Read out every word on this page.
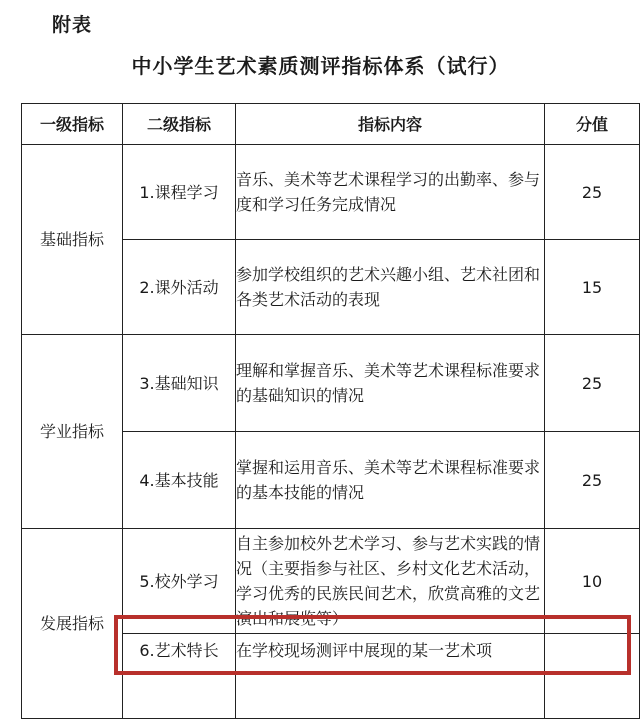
附表
中小学生艺术素质测评指标体系（试行）
一级指标	二级指标	指标内容	分值
基础指标	1.课程学习	音乐、美术等艺术课程学习的出勤率、参与度和学习任务完成情况	25
	2.课外活动	参加学校组织的艺术兴趣小组、艺术社团和各类艺术活动的表现	15
学业指标	3.基础知识	理解和掌握音乐、美术等艺术课程标准要求的基础知识的情况	25
	4.基本技能	掌握和运用音乐、美术等艺术课程标准要求的基本技能的情况	25
发展指标	5.校外学习	自主参加校外艺术学习、参与艺术实践的情况（主要指参与社区、乡村文化艺术活动，学习优秀的民族民间艺术，欣赏高雅的文艺演出和展览等）	10
	6.艺术特长	在学校现场测评中展现的某一艺术项	
